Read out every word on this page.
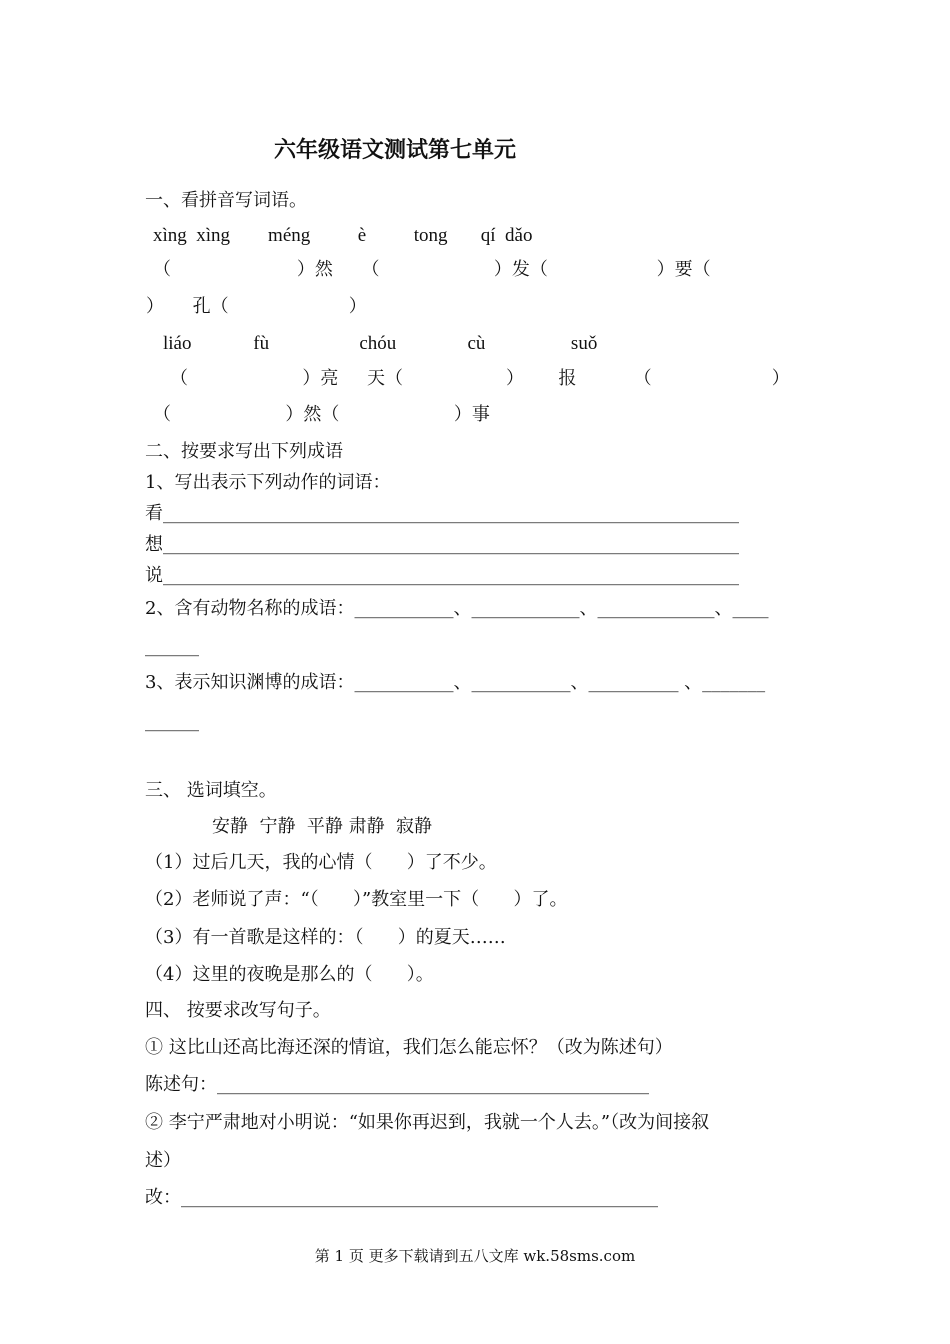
六年级语文测试第七单元
一、看拼音写词语。
xìng  xìng        méng          è          tong       qí  dǎo
（                      ）然     （                    ）发（                   ）要（
）     孔（                     ）
liáo             fù                   chóu               cù                  suǒ
（                    ）亮     天（                  ）      报          （                     ）
（                    ）然（                    ）事
二、按要求写出下列成语
1、写出表示下列动作的词语：
看________________________________________________________________
想________________________________________________________________
说________________________________________________________________
2、含有动物名称的成语：___________、____________、_____________、____
______
3、表示知识渊博的成语：___________、___________、__________ 、_______
______
三、 选词填空。
安静  宁静  平静 肃静  寂静
（1）过后几天，我的心情（      ）了不少。
（2）老师说了声：“（      ）”教室里一下（      ）了。
（3）有一首歌是这样的：（      ）的夏天……
（4）这里的夜晚是那么的（      ）。
四、 按要求改写句子。
① 这比山还高比海还深的情谊，我们怎么能忘怀？（改为陈述句）
陈述句：________________________________________________
② 李宁严肃地对小明说：“如果你再迟到，我就一个人去。”（改为间接叙
述）
改：_____________________________________________________
第 1 页 更多下载请到五八文库 wk.58sms.com
